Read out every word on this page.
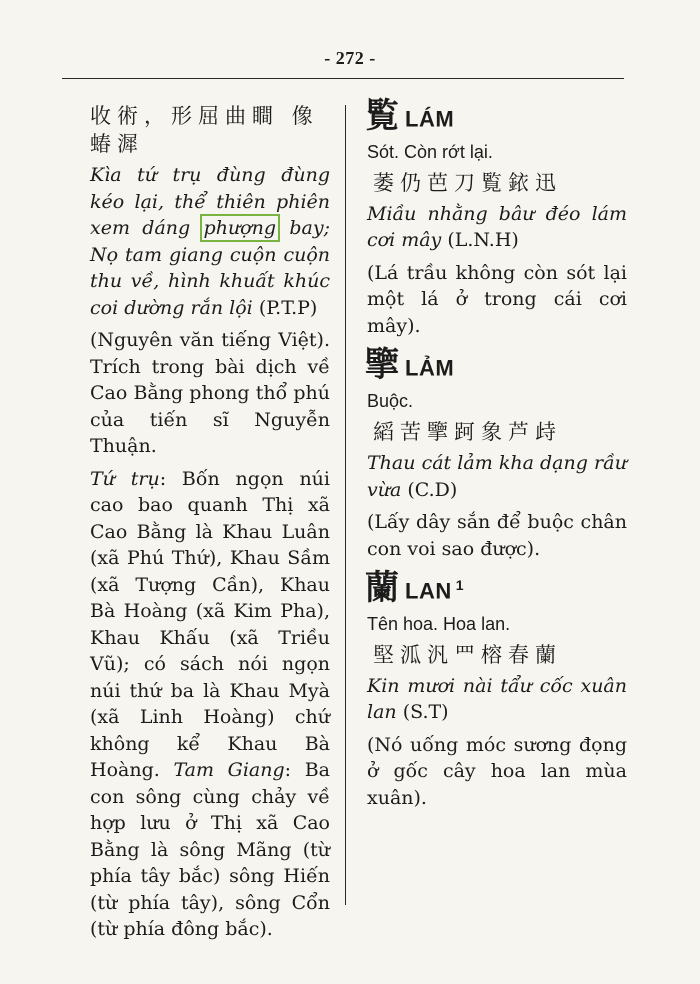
- 272 -
收術，形屈曲瞷 像蝽漽
Kìa tứ trụ đùng đùng kéo lại, thể thiên phiên xem dáng phượng bay; Nọ tam giang cuộn cuộn thu về, hình khuất khúc coi dường rắn lội (P.T.P)
(Nguyên văn tiếng Việt). Trích trong bài dịch về Cao Bằng phong thổ phú của tiến sĩ Nguyễn Thuận.
Tứ trụ: Bốn ngọn núi cao bao quanh Thị xã Cao Bằng là Khau Luân (xã Phú Thứ), Khau Sầm (xã Tượng Cần), Khau Bà Hoàng (xã Kim Pha), Khau Khấu (xã Triều Vũ); có sách nói ngọn núi thứ ba là Khau Myà (xã Linh Hoàng) chứ không kể Khau Bà Hoàng. Tam Giang: Ba con sông cùng chảy về hợp lưu ở Thị xã Cao Bằng là sông Mãng (từ phía tây bắc) sông Hiến (từ phía tây), sông Cổn (từ phía đông bắc).
覧 LÁM
Sót. Còn rớt lại.
萎仍芭刀覧銥迅
Miầu nhằng bâư đéo lám cơi mây (L.N.H)
(Lá trầu không còn sót lại một lá ở trong cái cơi mây).
擥 LẢM
Buộc.
縚苦擥跒象芦歭
Thau cát lảm kha dạng rầư vừa (C.D)
(Lấy dây sắn để buộc chân con voi sao được).
蘭 LAN $^1$
Tên hoa. Hoa lan.
堅泒汎罒榕春蘭
Kin mươi nài tẩư cốc xuân lan (S.T)
(Nó uống móc sương đọng ở gốc cây hoa lan mùa xuân).
